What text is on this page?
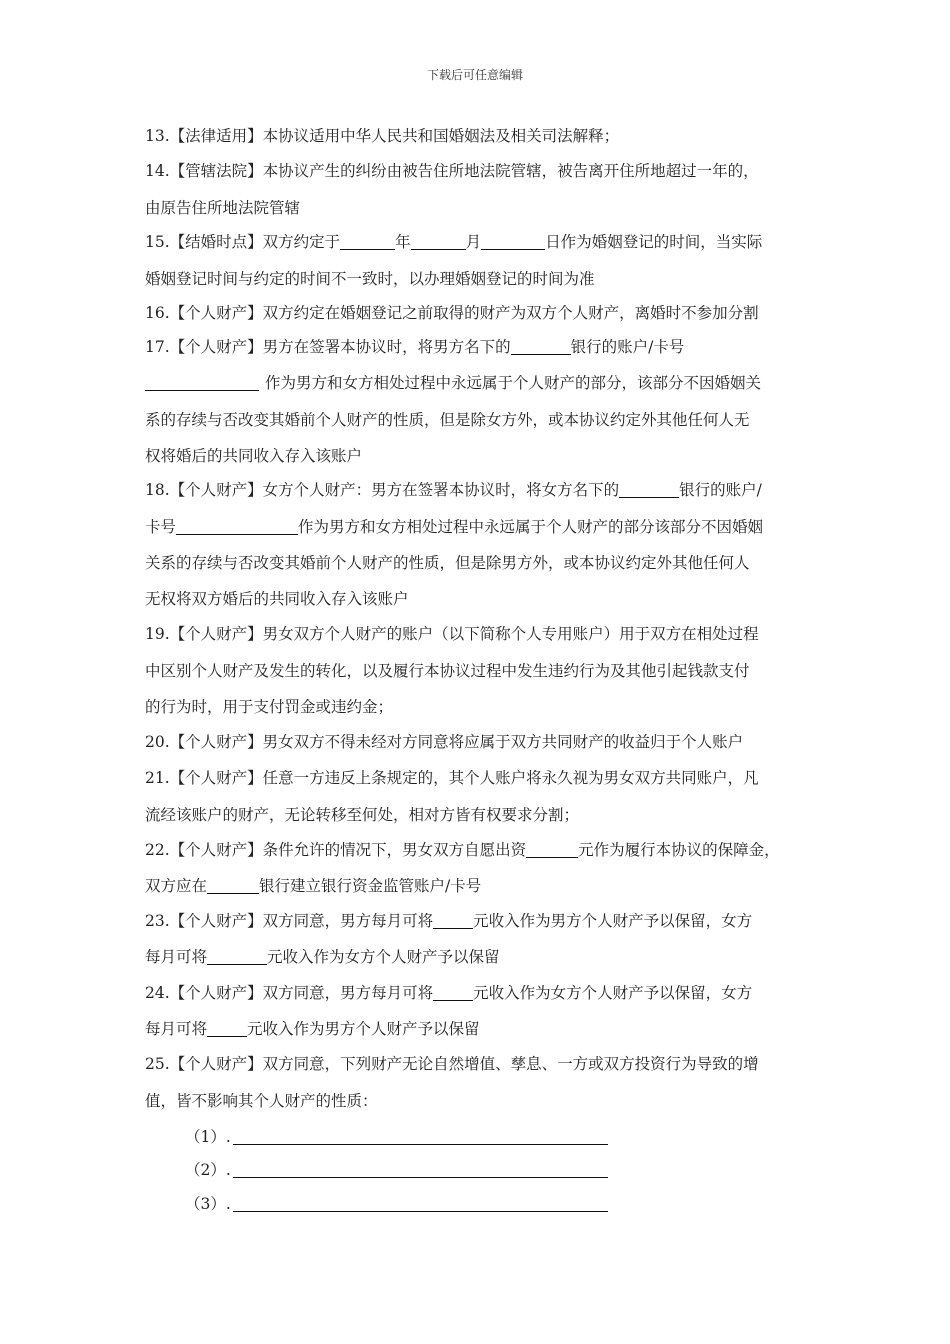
下载后可任意编辑
13.【法律适用】本协议适用中华人民共和国婚姻法及相关司法解释；
14.【管辖法院】本协议产生的纠纷由被告住所地法院管辖，被告离开住所地超过一年的，
由原告住所地法院管辖
15.【结婚时点】双方约定于	年	月	日作为婚姻登记的时间，当实际
婚姻登记时间与约定的时间不一致时，以办理婚姻登记的时间为准
16.【个人财产】双方约定在婚姻登记之前取得的财产为双方个人财产，离婚时不参加分割
17.【个人财产】男方在签署本协议时，将男方名下的	银行的账户/卡号
作为男方和女方相处过程中永远属于个人财产的部分，该部分不因婚姻关
系的存续与否改变其婚前个人财产的性质，但是除女方外，或本协议约定外其他任何人无
权将婚后的共同收入存入该账户
18.【个人财产】女方个人财产：男方在签署本协议时，将女方名下的	银行的账户/
卡号	作为男方和女方相处过程中永远属于个人财产的部分该部分不因婚姻
关系的存续与否改变其婚前个人财产的性质，但是除男方外，或本协议约定外其他任何人
无权将双方婚后的共同收入存入该账户
19.【个人财产】男女双方个人财产的账户（以下简称个人专用账户）用于双方在相处过程
中区别个人财产及发生的转化，以及履行本协议过程中发生违约行为及其他引起钱款支付
的行为时，用于支付罚金或违约金；
20.【个人财产】男女双方不得未经对方同意将应属于双方共同财产的收益归于个人账户
21.【个人财产】任意一方违反上条规定的，其个人账户将永久视为男女双方共同账户，凡
流经该账户的财产，无论转移至何处，相对方皆有权要求分割；
22.【个人财产】条件允许的情况下，男女双方自愿出资	元作为履行本协议的保障金，
双方应在	银行建立银行资金监管账户/卡号
23.【个人财产】双方同意，男方每月可将	元收入作为男方个人财产予以保留，女方
每月可将	元收入作为女方个人财产予以保留
24.【个人财产】双方同意，男方每月可将	元收入作为女方个人财产予以保留，女方
每月可将	元收入作为男方个人财产予以保留
25.【个人财产】双方同意，下列财产无论自然增值、孳息、一方或双方投资行为导致的增
值，皆不影响其个人财产的性质：
（1）.
（2）.
（3）.
